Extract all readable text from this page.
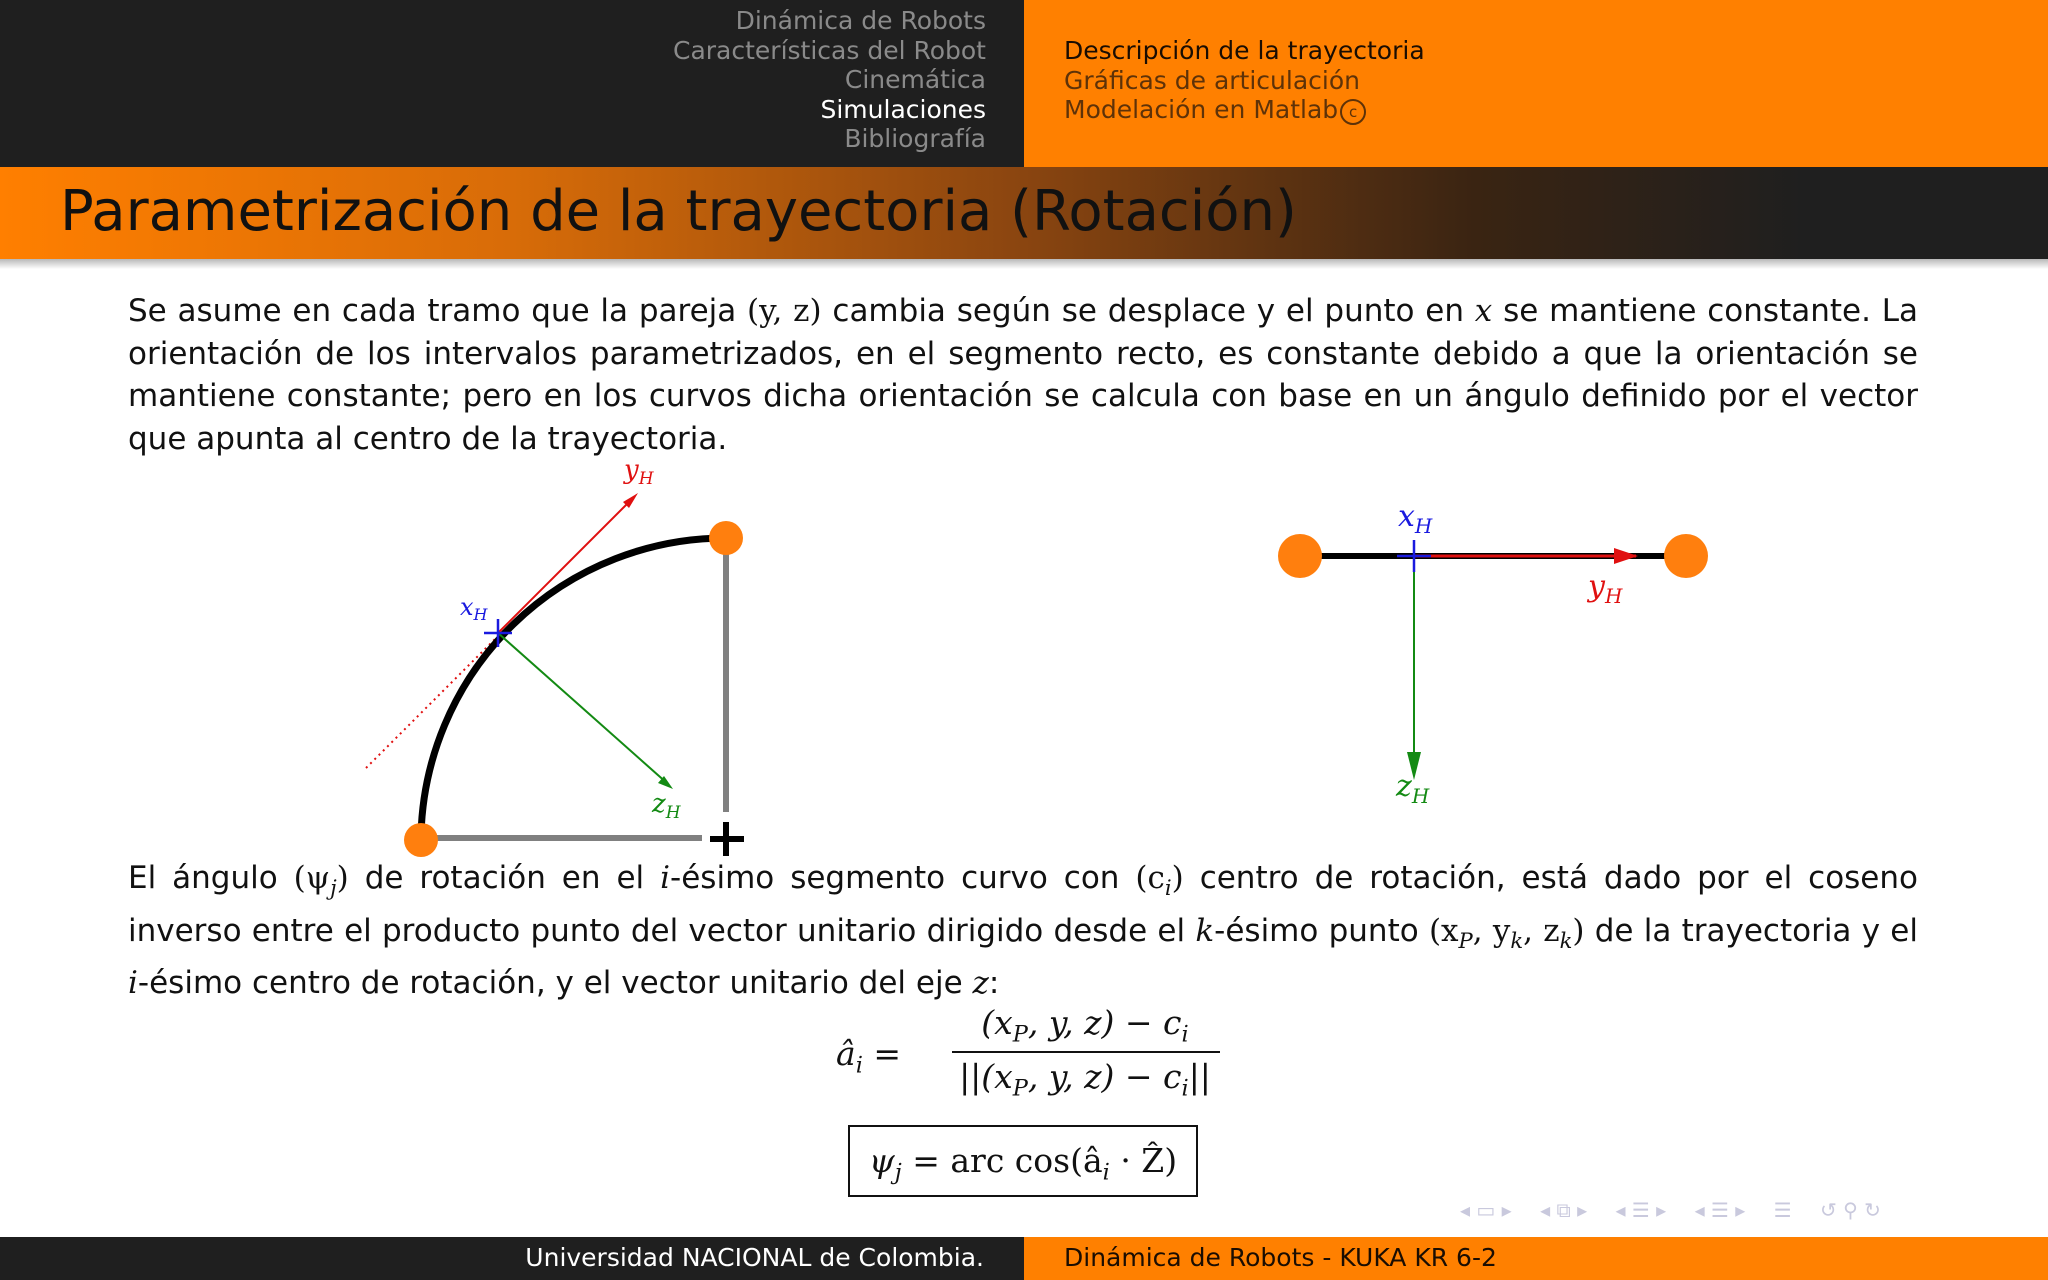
Dinámica de Robots
Características del Robot
Cinemática
Simulaciones
Bibliografía
Descripción de la trayectoria
Gráficas de articulación
Modelación en Matlab c
Parametrización de la trayectoria (Rotación)
Se asume en cada tramo que la pareja (y, z) cambia según se desplace y el punto en x se mantiene constante. La orientación de los intervalos parametrizados, en el segmento recto, es constante debido a que la orientación se mantiene constante; pero en los curvos dicha orientación se calcula con base en un ángulo definido por el vector que apunta al centro de la trayectoria.
$y_H$
$x_H$
$z_H$
$x_H$
$y_H$
$z_H$
El ángulo $(\psi_j)$ de rotación en el i-ésimo segmento curvo con $(c_i)$ centro de rotación, está dado por el coseno inverso entre el producto punto del vector unitario dirigido desde el k-ésimo punto ($x_P$, $y_k$, $z_k$) de la trayectoria y el i-ésimo centro de rotación, y el vector unitario del eje z:
$â_i$ =
($x_P$, y, $z) - c_i$
$||(x_P$, y, $z) - c_i||$
$\psi_j$ = arc $\cos(â_i$ · Ẑ)
◂ ▭ ▸ ◂ ⧉ ▸ ◂ ☰ ▸ ◂ ☰ ▸ ☰ ↺ ⚲ ↻
Universidad NACIONAL de Colombia.	Dinámica de Robots - KUKA KR 6-2
